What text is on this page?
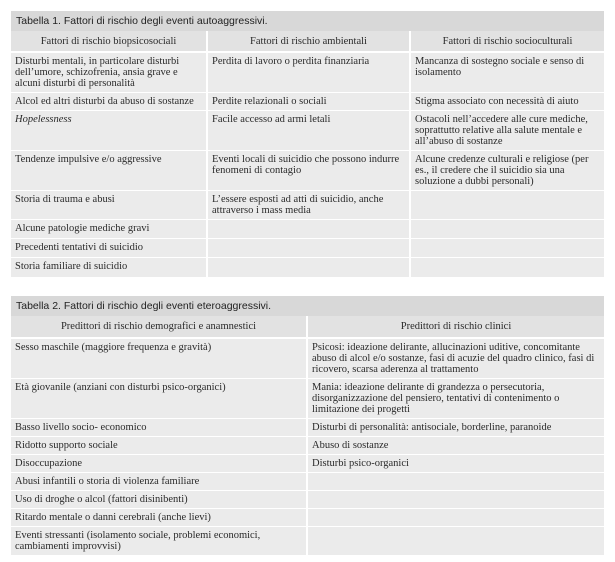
Tabella 1. Fattori di rischio degli eventi autoaggressivi.
Fattori di rischio biopsicosociali	Fattori di rischio ambientali	Fattori di rischio socioculturali
Disturbi mentali, in particolare disturbi dell’umore, schizofrenia, ansia grave e alcuni disturbi di personalità	Perdita di lavoro o perdita finanziaria	Mancanza di sostegno sociale e senso di isolamento
Alcol ed altri disturbi da abuso di sostanze	Perdite relazionali o sociali	Stigma associato con necessità di aiuto
Hopelessness	Facile accesso ad armi letali	Ostacoli nell’accedere alle cure mediche, soprattutto relative alla salute mentale e all’abuso di sostanze
Tendenze impulsive e/o aggressive	Eventi locali di suicidio che possono indurre fenomeni di contagio	Alcune credenze culturali e religiose (per es., il credere che il suicidio sia una soluzione a dubbi personali)
Storia di trauma e abusi	L’essere esposti ad atti di suicidio, anche attraverso i mass media	
Alcune patologie mediche gravi		
Precedenti tentativi di suicidio		
Storia familiare di suicidio		
Tabella 2. Fattori di rischio degli eventi eteroaggressivi.
Predittori di rischio demografici e anamnestici	Predittori di rischio clinici
Sesso maschile (maggiore frequenza e gravità)	Psicosi: ideazione delirante, allucinazioni uditive, concomitante abuso di alcol e/o sostanze, fasi di acuzie del quadro clinico, fasi di ricovero, scarsa aderenza al trattamento
Età giovanile (anziani con disturbi psico-organici)	Mania: ideazione delirante di grandezza o persecutoria, disorganizzazione del pensiero, tentativi di contenimento o limitazione dei progetti
Basso livello socio- economico	Disturbi di personalità: antisociale, borderline, paranoide
Ridotto supporto sociale	Abuso di sostanze
Disoccupazione	Disturbi psico-organici
Abusi infantili o storia di violenza familiare	
Uso di droghe o alcol (fattori disinibenti)	
Ritardo mentale o danni cerebrali (anche lievi)	
Eventi stressanti (isolamento sociale, problemi economici, cambiamenti improvvisi)	
